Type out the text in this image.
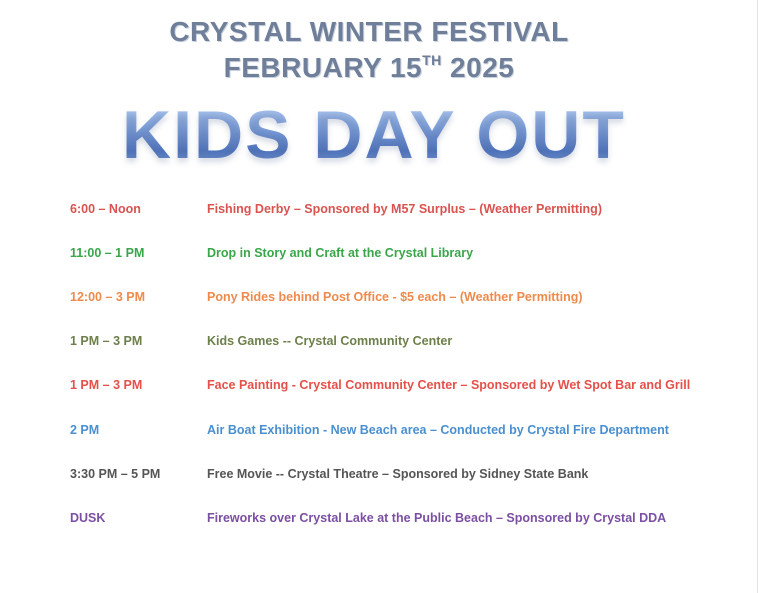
CRYSTAL WINTER FESTIVAL

FEBRUARY 15TH 2025

KIDS DAY OUT
6:00 – Noon	Fishing Derby – Sponsored by M57 Surplus – (Weather Permitting)
11:00 – 1 PM	Drop in Story and Craft at the Crystal Library
12:00 – 3 PM	Pony Rides behind Post Office - $5 each – (Weather Permitting)
1 PM – 3 PM	Kids Games -- Crystal Community Center
1 PM – 3 PM	Face Painting - Crystal Community Center – Sponsored by Wet Spot Bar and Grill
2 PM	Air Boat Exhibition - New Beach area – Conducted by Crystal Fire Department
3:30 PM – 5 PM	Free Movie -- Crystal Theatre – Sponsored by Sidney State Bank
DUSK	Fireworks over Crystal Lake at the Public Beach – Sponsored by Crystal DDA
